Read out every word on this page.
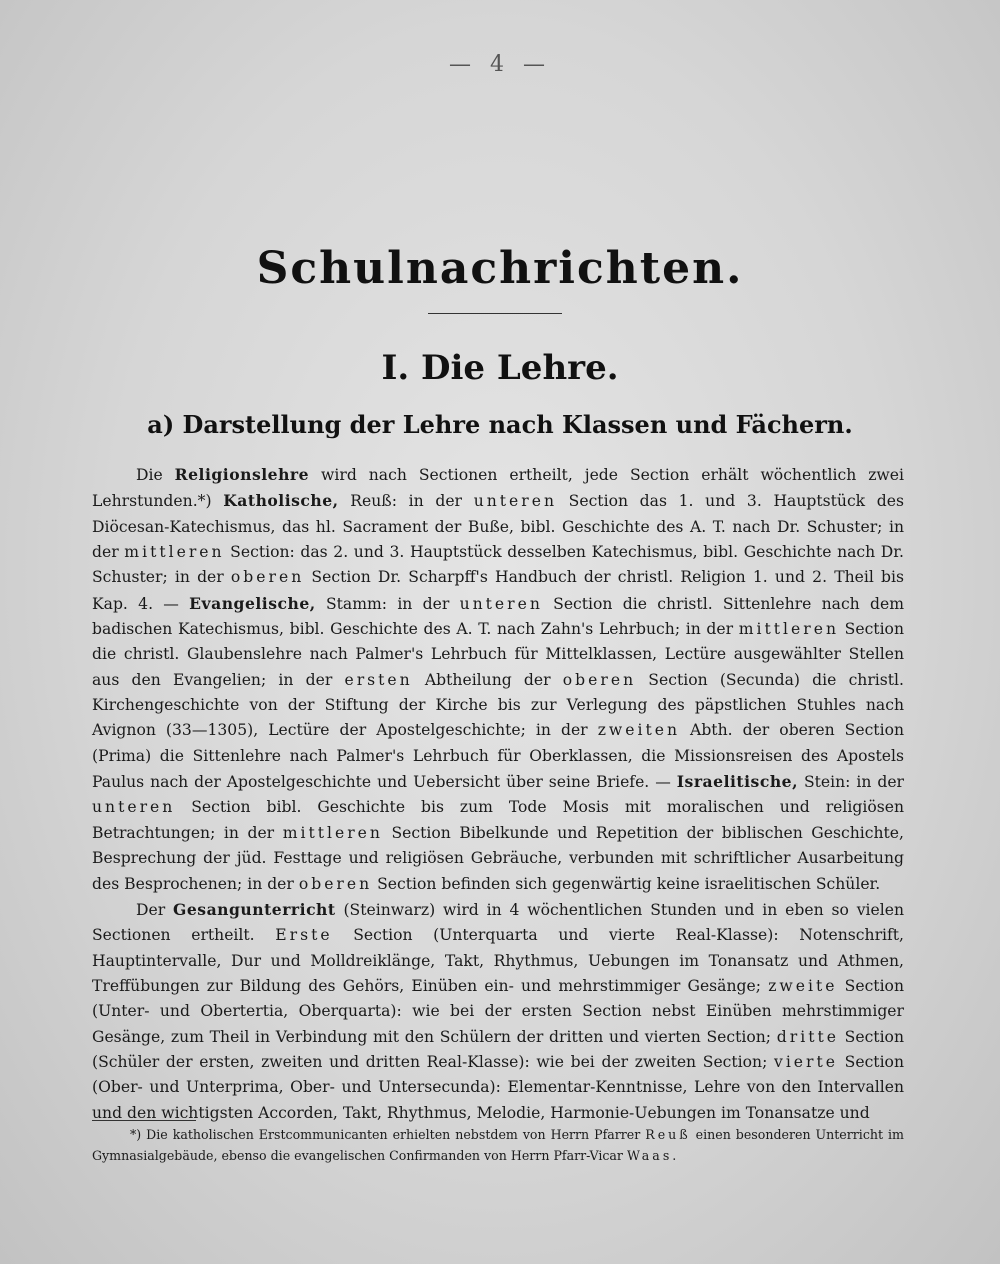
— 4 —
Schulnachrichten.
I. Die Lehre.
a) Darstellung der Lehre nach Klassen und Fächern.

Die Religionslehre wird nach Sectionen ertheilt, jede Section erhält wöchentlich zwei Lehrstunden.*) Katholische, Reuß: in der unteren Section das 1. und 3. Hauptstück des Diöcesan-Katechismus, das hl. Sacrament der Buße, bibl. Geschichte des A. T. nach Dr. Schuster; in der mittleren Section: das 2. und 3. Hauptstück desselben Katechismus, bibl. Geschichte nach Dr. Schuster; in der oberen Section Dr. Scharpff's Handbuch der christl. Religion 1. und 2. Theil bis Kap. 4. — Evangelische, Stamm: in der unteren Section die christl. Sittenlehre nach dem badischen Katechismus, bibl. Geschichte des A. T. nach Zahn's Lehrbuch; in der mittleren Section die christl. Glaubenslehre nach Palmer's Lehrbuch für Mittelklassen, Lectüre ausgewählter Stellen aus den Evangelien; in der ersten Abtheilung der oberen Section (Secunda) die christl. Kirchengeschichte von der Stiftung der Kirche bis zur Verlegung des päpstlichen Stuhles nach Avignon (33—1305), Lectüre der Apostelgeschichte; in der zweiten Abth. der oberen Section (Prima) die Sittenlehre nach Palmer's Lehrbuch für Oberklassen, die Missionsreisen des Apostels Paulus nach der Apostelgeschichte und Uebersicht über seine Briefe. — Israelitische, Stein: in der unteren Section bibl. Geschichte bis zum Tode Mosis mit moralischen und religiösen Betrachtungen; in der mittleren Section Bibelkunde und Repetition der biblischen Geschichte, Besprechung der jüd. Festtage und religiösen Gebräuche, verbunden mit schriftlicher Ausarbeitung des Besprochenen; in der oberen Section befinden sich gegenwärtig keine israelitischen Schüler.

Der Gesangunterricht (Steinwarz) wird in 4 wöchentlichen Stunden und in eben so vielen Sectionen ertheilt. Erste Section (Unterquarta und vierte Real-Klasse): Notenschrift, Hauptintervalle, Dur und Molldreiklänge, Takt, Rhythmus, Uebungen im Tonansatz und Athmen, Treffübungen zur Bildung des Gehörs, Einüben ein- und mehrstimmiger Gesänge; zweite Section (Unter- und Obertertia, Oberquarta): wie bei der ersten Section nebst Einüben mehrstimmiger Gesänge, zum Theil in Verbindung mit den Schülern der dritten und vierten Section; dritte Section (Schüler der ersten, zweiten und dritten Real-Klasse): wie bei der zweiten Section; vierte Section (Ober- und Unterprima, Ober- und Untersecunda): Elementar-Kenntnisse, Lehre von den Intervallen und den wichtigsten Accorden, Takt, Rhythmus, Melodie, Harmonie-Uebungen im Tonansatze und

*) Die katholischen Erstcommunicanten erhielten nebstdem von Herrn Pfarrer Reuß einen besonderen Unterricht im Gymnasialgebäude, ebenso die evangelischen Confirmanden von Herrn Pfarr-Vicar Waas.
